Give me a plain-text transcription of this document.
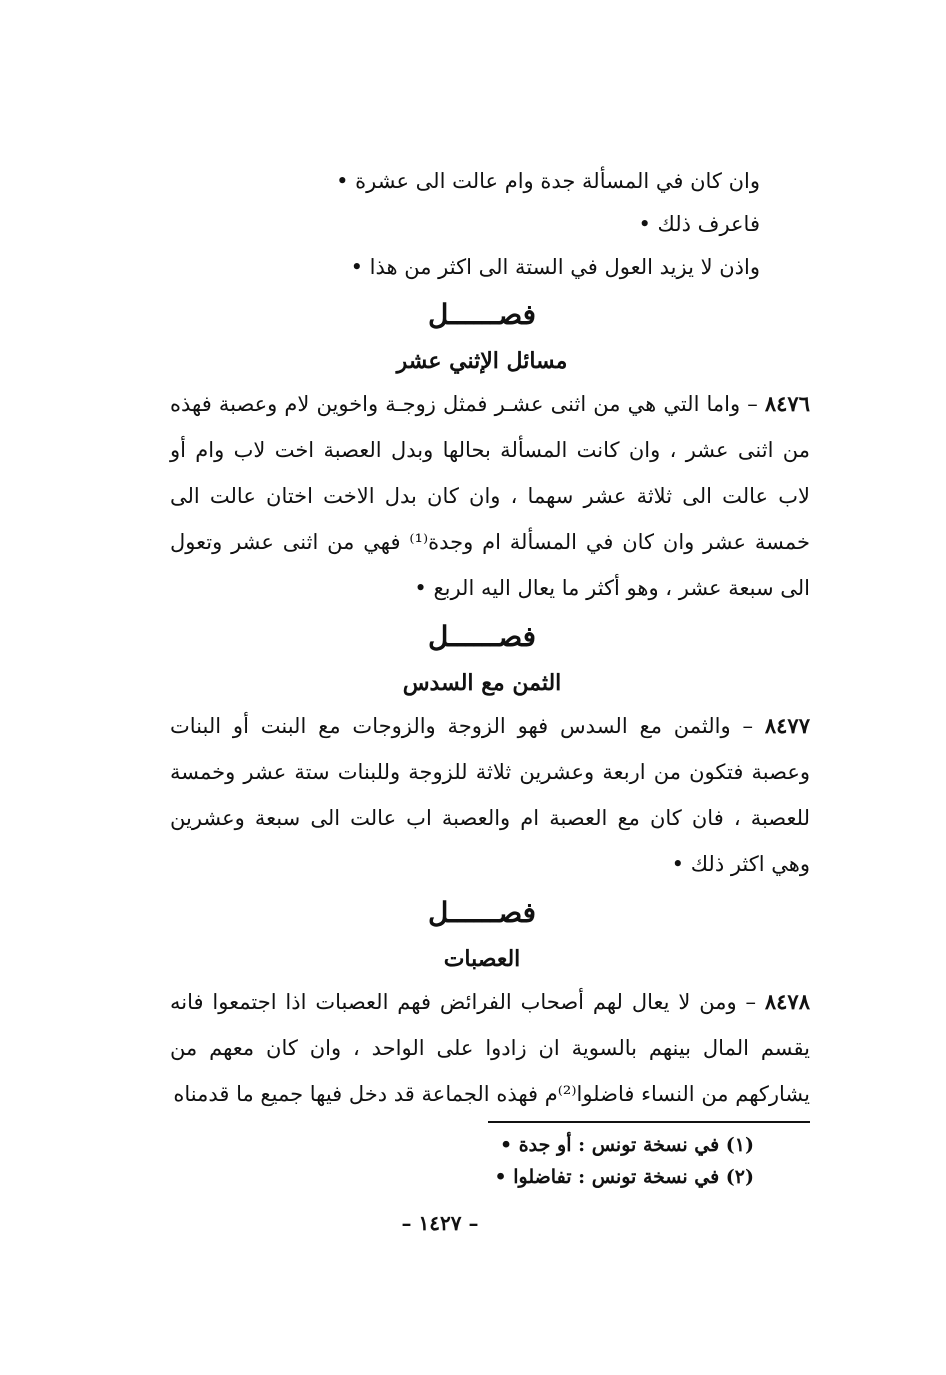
وان كان في المسألة جدة وام عالت الى عشرة •
فاعرف ذلك •
واذن لا يزيد العول في الستة الى اكثر من هذا •
فصــــــل
مسائل الإثني عشر

٨٤٧٦ – واما التي هي من اثنى عشـر فمثل زوجـة واخوين لام وعصبة فهذه من اثنى عشر ، وان كانت المسألة بحالها وبدل العصبة اخت لاب وام أو لاب عالت الى ثلاثة عشر سهما ، وان كان بدل الاخت اختان عالت الى خمسة عشر وان كان في المسألة ام وجدة⁽¹⁾ فهي من اثنى عشر وتعول الى سبعة عشر ، وهو أكثر ما يعال اليه الربع •

فصــــــل
الثمن مع السدس

٨٤٧٧ – والثمن مع السدس فهو الزوجة والزوجات مع البنت أو البنات وعصبة فتكون من اربعة وعشرين ثلاثة للزوجة وللبنات ستة عشر وخمسة للعصبة ، فان كان مع العصبة ام والعصبة اب عالت الى سبعة وعشرين وهي اكثر ذلك •

فصــــــل
العصبات

٨٤٧٨ – ومن لا يعال لهم أصحاب الفرائض فهم العصبات اذا اجتمعوا فانه يقسم المال بينهم بالسوية ان زادوا على الواحد ، وان كان معهم من يشاركهم من النساء فاضلوا⁽²⁾م فهذه الجماعة قد دخل فيها جميع ما قدمناه

(١) في نسخة تونس : أو جدة •
(٢) في نسخة تونس : تفاضلوا •
– ١٤٢٧ –
